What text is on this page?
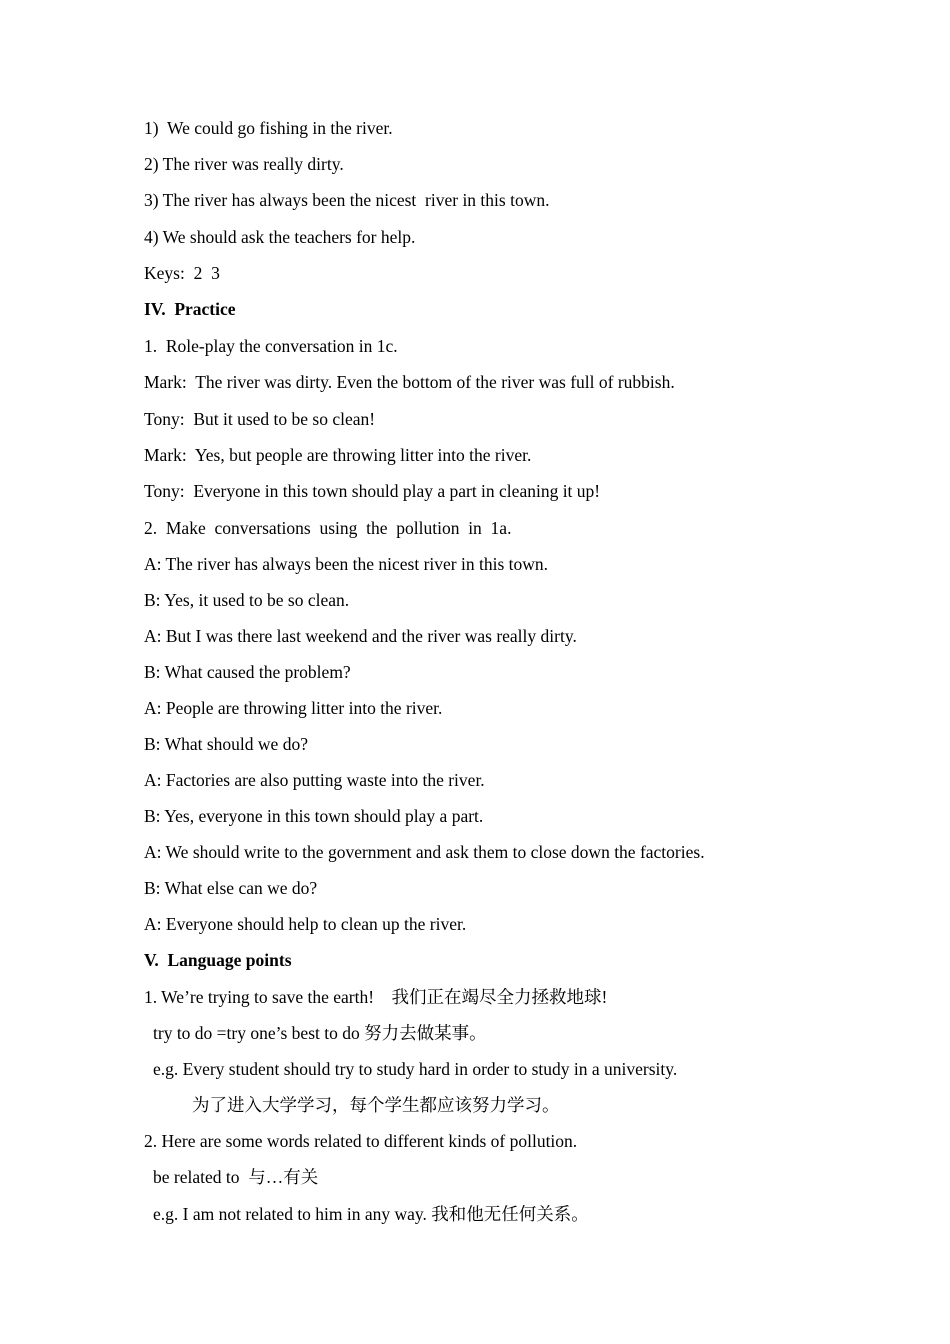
1)  We could go fishing in the river.
2) The river was really dirty.
3) The river has always been the nicest  river in this town.
4) We should ask the teachers for help.
Keys:  2  3
IV.  Practice
1.  Role-play the conversation in 1c.
Mark:  The river was dirty. Even the bottom of the river was full of rubbish.
Tony:  But it used to be so clean!
Mark:  Yes, but people are throwing litter into the river.
Tony:  Everyone in this town should play a part in cleaning it up!
2.  Make  conversations  using  the  pollution  in  1a.
A: The river has always been the nicest river in this town.
B: Yes, it used to be so clean.
A: But I was there last weekend and the river was really dirty.
B: What caused the problem?
A: People are throwing litter into the river.
B: What should we do?
A: Factories are also putting waste into the river.
B: Yes, everyone in this town should play a part.
A: We should write to the government and ask them to close down the factories.
B: What else can we do?
A: Everyone should help to clean up the river.
V.  Language points
1. We’re trying to save the earth!    我们正在竭尽全力拯救地球!
try to do =try one’s best to do 努力去做某事。
e.g. Every student should try to study hard in order to study in a university.
为了进入大学学习，每个学生都应该努力学习。
2. Here are some words related to different kinds of pollution.
be related to  与…有关
e.g. I am not related to him in any way. 我和他无任何关系。
